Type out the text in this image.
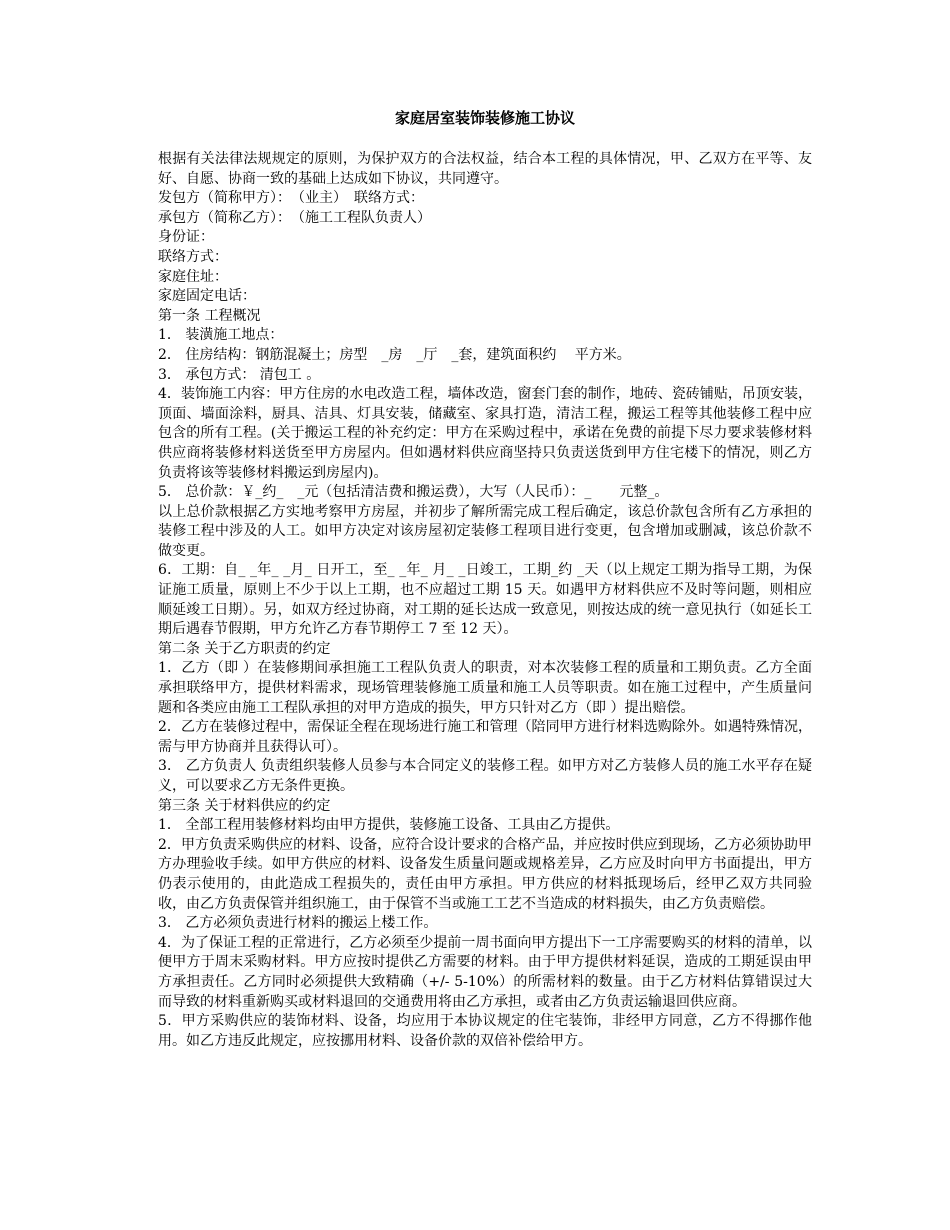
家庭居室装饰装修施工协议

根据有关法律法规规定的原则，为保护双方的合法权益，结合本工程的具体情况，甲、乙双方在平等、友好、自愿、协商一致的基础上达成如下协议，共同遵守。

发包方（简称甲方）：　（业主）　联络方式：

承包方（简称乙方）：　（施工工程队负责人）

身份证：

联络方式：

家庭住址：

家庭固定电话：

第一条 工程概况

1． 装潢施工地点：

2． 住房结构：钢筋混凝土；房型　_房　_厅　_套，建筑面积约　 平方米。

3． 承包方式： 清包工 。

4．装饰施工内容：甲方住房的水电改造工程，墙体改造，窗套门套的制作，地砖、瓷砖铺贴，吊顶安装，顶面、墙面涂料，厨具、洁具、灯具安装，储藏室、家具打造，清洁工程，搬运工程等其他装修工程中应包含的所有工程。(关于搬运工程的补充约定：甲方在采购过程中，承诺在免费的前提下尽力要求装修材料供应商将装修材料送货至甲方房屋内。但如遇材料供应商坚持只负责送货到甲方住宅楼下的情况，则乙方负责将该等装修材料搬运到房屋内)。

5． 总价款：￥_约_　_元（包括清洁费和搬运费），大写（人民币）：_　　元整_。

以上总价款根据乙方实地考察甲方房屋，并初步了解所需完成工程后确定，该总价款包含所有乙方承担的装修工程中涉及的人工。如甲方决定对该房屋初定装修工程项目进行变更，包含增加或删减，该总价款不做变更。

6．工期：自_ _年_ _月_ 日开工，至_ _年_ 月_ _日竣工，工期_约 _天（以上规定工期为指导工期，为保证施工质量，原则上不少于以上工期，也不应超过工期 15 天。如遇甲方材料供应不及时等问题，则相应顺延竣工日期）。另，如双方经过协商，对工期的延长达成一致意见，则按达成的统一意见执行（如延长工期后遇春节假期，甲方允许乙方春节期停工 7 至 12 天）。

第二条 关于乙方职责的约定

1．乙方（即 ）在装修期间承担施工工程队负责人的职责，对本次装修工程的质量和工期负责。乙方全面承担联络甲方，提供材料需求，现场管理装修施工质量和施工人员等职责。如在施工过程中，产生质量问题和各类应由施工工程队承担的对甲方造成的损失，甲方只针对乙方（即 ）提出赔偿。

2．乙方在装修过程中，需保证全程在现场进行施工和管理（陪同甲方进行材料选购除外。如遇特殊情况，需与甲方协商并且获得认可）。

3． 乙方负责人 负责组织装修人员参与本合同定义的装修工程。如甲方对乙方装修人员的施工水平存在疑义，可以要求乙方无条件更换。

第三条 关于材料供应的约定

1． 全部工程用装修材料均由甲方提供，装修施工设备、工具由乙方提供。

2．甲方负责采购供应的材料、设备，应符合设计要求的合格产品，并应按时供应到现场，乙方必须协助甲方办理验收手续。如甲方供应的材料、设备发生质量问题或规格差异，乙方应及时向甲方书面提出，甲方仍表示使用的，由此造成工程损失的，责任由甲方承担。甲方供应的材料抵现场后，经甲乙双方共同验收，由乙方负责保管并组织施工，由于保管不当或施工工艺不当造成的材料损失，由乙方负责赔偿。

3． 乙方必须负责进行材料的搬运上楼工作。

4．为了保证工程的正常进行，乙方必须至少提前一周书面向甲方提出下一工序需要购买的材料的清单，以便甲方于周末采购材料。甲方应按时提供乙方需要的材料。由于甲方提供材料延误，造成的工期延误由甲方承担责任。乙方同时必须提供大致精确（+/- 5-10%）的所需材料的数量。由于乙方材料估算错误过大而导致的材料重新购买或材料退回的交通费用将由乙方承担，或者由乙方负责运输退回供应商。

5．甲方采购供应的装饰材料、设备，均应用于本协议规定的住宅装饰，非经甲方同意，乙方不得挪作他用。如乙方违反此规定，应按挪用材料、设备价款的双倍补偿给甲方。
